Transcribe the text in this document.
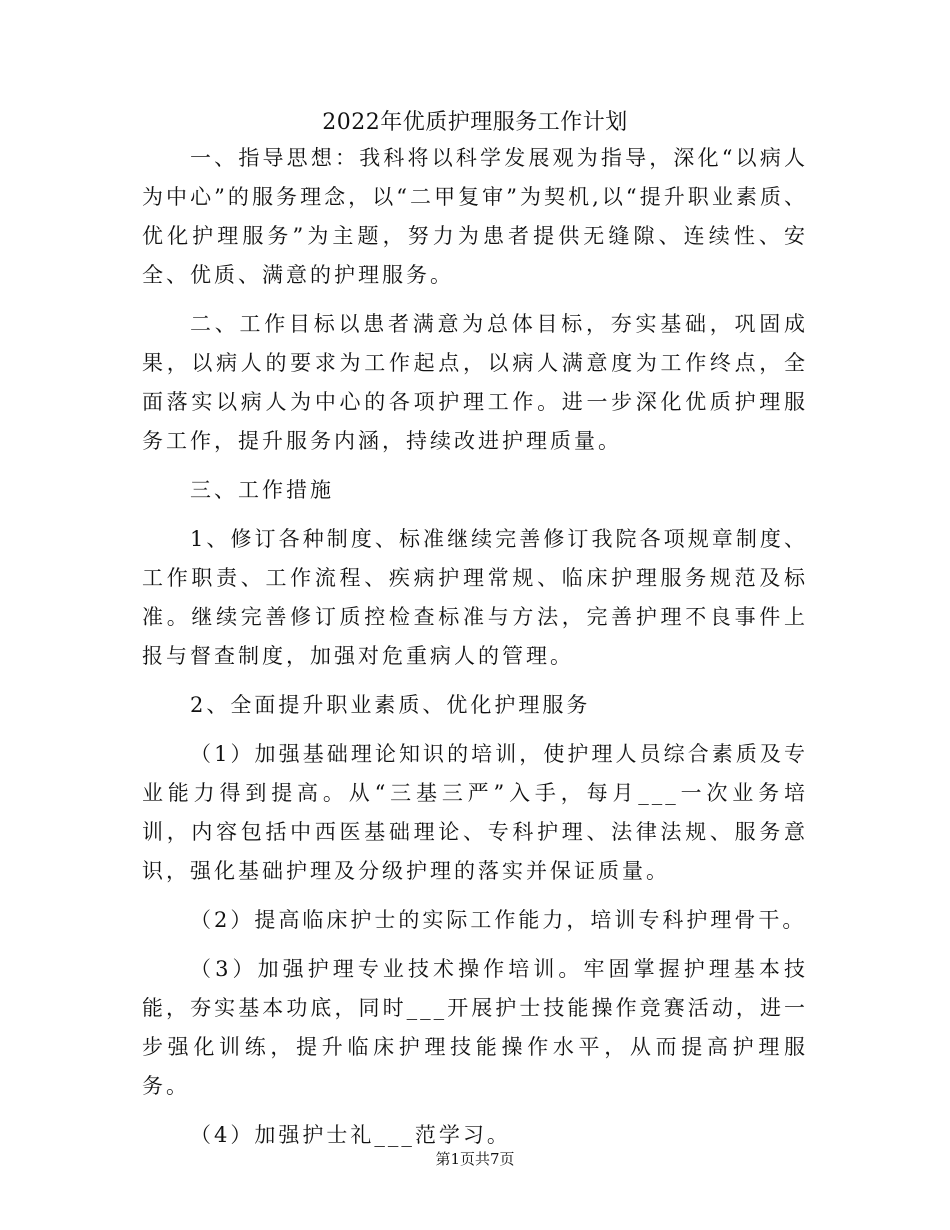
2022年优质护理服务工作计划

一、指导思想：我科将以科学发展观为指导，深化“以病人为中心”的服务理念，以“二甲复审”为契机,以“提升职业素质、优化护理服务”为主题，努力为患者提供无缝隙、连续性、安全、优质、满意的护理服务。

二、工作目标以患者满意为总体目标，夯实基础，巩固成果，以病人的要求为工作起点，以病人满意度为工作终点，全面落实以病人为中心的各项护理工作。进一步深化优质护理服务工作，提升服务内涵，持续改进护理质量。

三、工作措施

1、修订各种制度、标准继续完善修订我院各项规章制度、工作职责、工作流程、疾病护理常规、临床护理服务规范及标准。继续完善修订质控检查标准与方法，完善护理不良事件上报与督查制度，加强对危重病人的管理。

2、全面提升职业素质、优化护理服务

（1）加强基础理论知识的培训，使护理人员综合素质及专业能力得到提高。从“三基三严”入手，每月___一次业务培训，内容包括中西医基础理论、专科护理、法律法规、服务意识，强化基础护理及分级护理的落实并保证质量。

（2）提高临床护士的实际工作能力，培训专科护理骨干。

（3）加强护理专业技术操作培训。牢固掌握护理基本技能，夯实基本功底，同时___开展护士技能操作竞赛活动，进一步强化训练，提升临床护理技能操作水平，从而提高护理服务。

（4）加强护士礼___范学习。

第1页共7页
